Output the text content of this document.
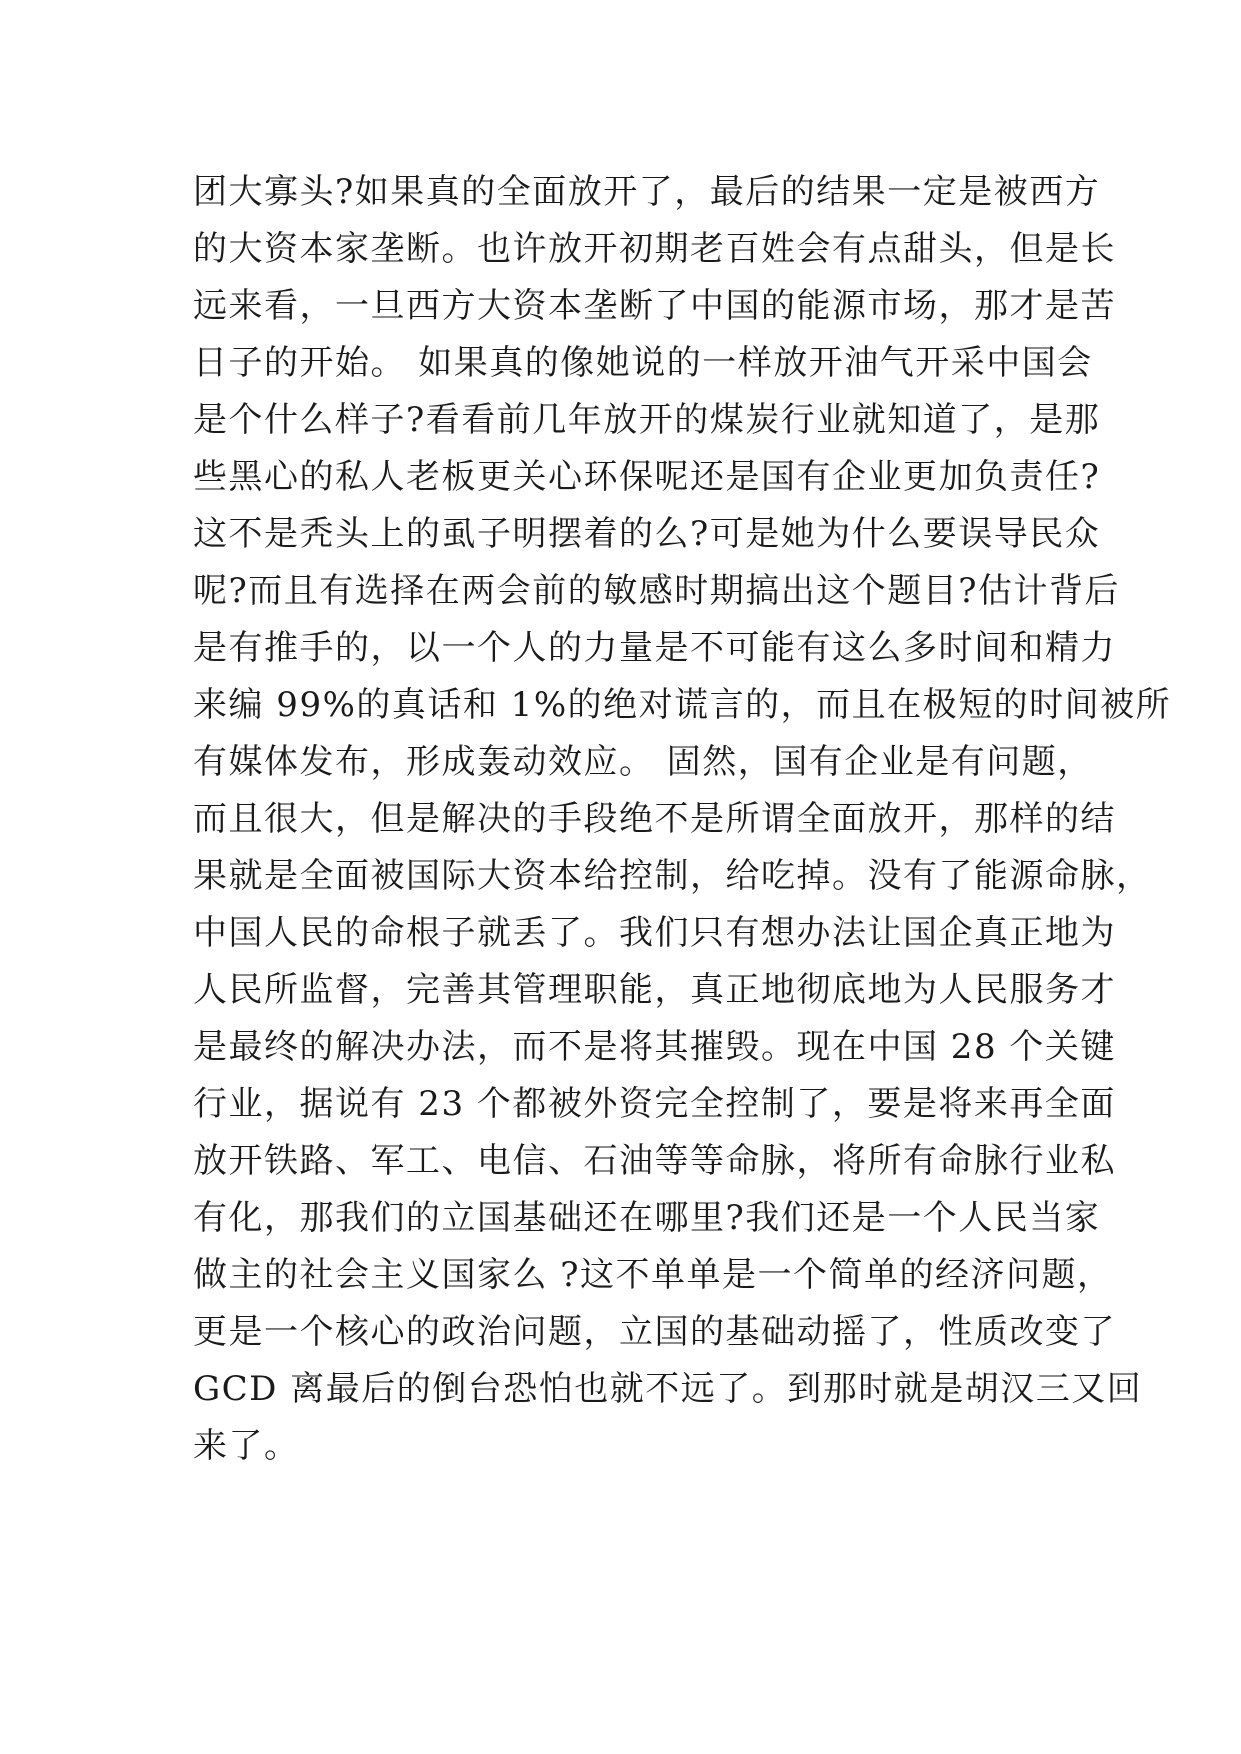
团大寡头?如果真的全面放开了，最后的结果一定是被西方
的大资本家垄断。也许放开初期老百姓会有点甜头，但是长
远来看，一旦西方大资本垄断了中国的能源市场，那才是苦
日子的开始。 如果真的像她说的一样放开油气开采中国会
是个什么样子?看看前几年放开的煤炭行业就知道了，是那
些黑心的私人老板更关心环保呢还是国有企业更加负责任?
这不是秃头上的虱子明摆着的么?可是她为什么要误导民众
呢?而且有选择在两会前的敏感时期搞出这个题目?估计背后
是有推手的，以一个人的力量是不可能有这么多时间和精力
来编 99%的真话和 1%的绝对谎言的，而且在极短的时间被所
有媒体发布，形成轰动效应。 固然，国有企业是有问题，
而且很大，但是解决的手段绝不是所谓全面放开，那样的结
果就是全面被国际大资本给控制，给吃掉。没有了能源命脉，
中国人民的命根子就丢了。我们只有想办法让国企真正地为
人民所监督，完善其管理职能，真正地彻底地为人民服务才
是最终的解决办法，而不是将其摧毁。现在中国 28 个关键
行业，据说有 23 个都被外资完全控制了，要是将来再全面
放开铁路、军工、电信、石油等等命脉，将所有命脉行业私
有化，那我们的立国基础还在哪里?我们还是一个人民当家
做主的社会主义国家么 ?这不单单是一个简单的经济问题，
更是一个核心的政治问题，立国的基础动摇了，性质改变了
GCD 离最后的倒台恐怕也就不远了。到那时就是胡汉三又回
来了。
